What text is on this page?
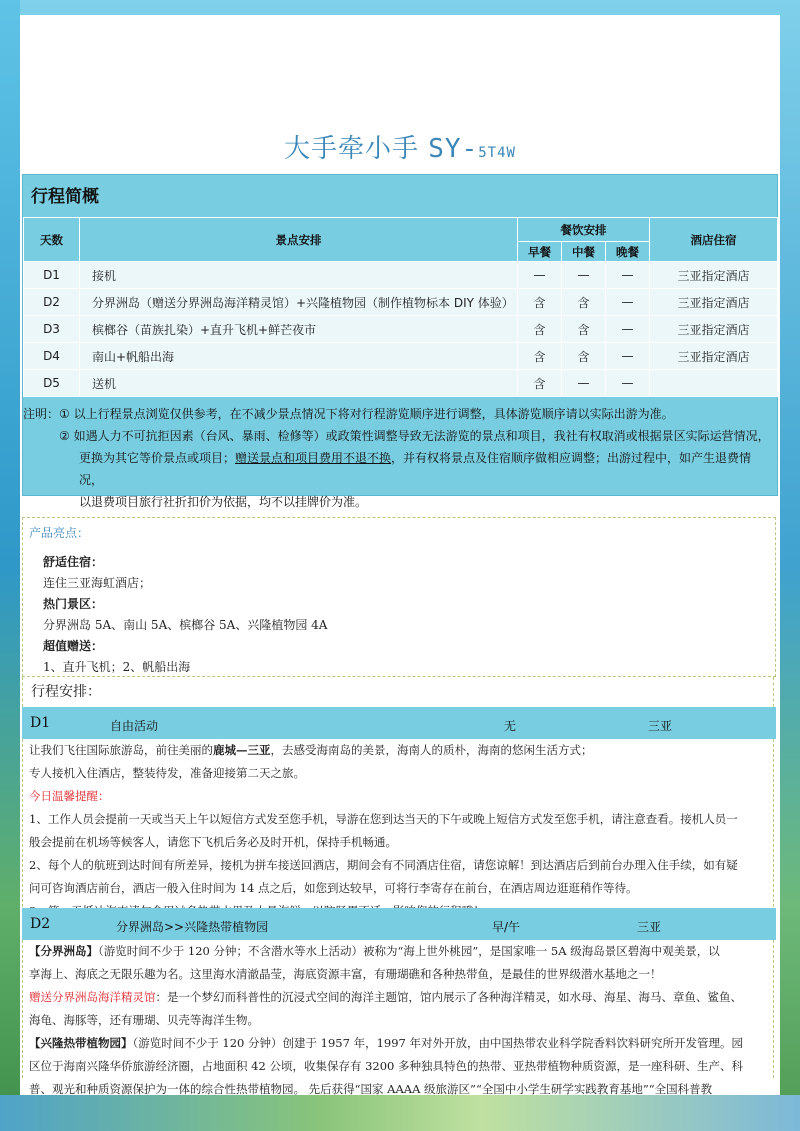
大手牵小手 SY-5T4W
行程简概
天数	景点安排	餐饮安排			酒店住宿
		早餐	中餐	晚餐	
D1	接机	—	—	—	三亚指定酒店
D2	分界洲岛（赠送分界洲岛海洋精灵馆）+兴隆植物园（制作植物标本 DIY 体验）	含	含	—	三亚指定酒店
D3	槟榔谷（苗族扎染）+直升飞机+鲜芒夜市	含	含	—	三亚指定酒店
D4	南山+帆船出海	含	含	—	三亚指定酒店
D5	送机	含	—	—	
注明：① 以上行程景点浏览仅供参考，在不减少景点情况下将对行程游览顺序进行调整，具体游览顺序请以实际出游为准。
② 如遇人力不可抗拒因素（台风、暴雨、检修等）或政策性调整导致无法游览的景点和项目，我社有权取消或根据景区实际运营情况，
更换为其它等价景点或项目；赠送景点和项目费用不退不换，并有权将景点及住宿顺序做相应调整；出游过程中，如产生退费情况，
以退费项目旅行社折扣价为依据，均不以挂牌价为准。
产品亮点：
舒适住宿：
连住三亚海虹酒店；
热门景区：
分界洲岛 5A、南山 5A、槟榔谷 5A、兴隆植物园 4A
超值赠送：
1、直升飞机；2、帆船出海
行程安排：
D1	自由活动	无	三亚
让我们飞往国际旅游岛，前往美丽的鹿城—三亚，去感受海南岛的美景，海南人的质朴，海南的悠闲生活方式；
专人接机入住酒店，整装待发，准备迎接第二天之旅。
今日温馨提醒：
1、工作人员会提前一天或当天上午以短信方式发至您手机，导游在您到达当天的下午或晚上短信方式发至您手机，请注意查看。接机人员一
般会提前在机场等候客人，请您下飞机后务必及时开机，保持手机畅通。
2、每个人的航班到达时间有所差异，接机为拼车接送回酒店，期间会有不同酒店住宿，请您谅解！到达酒店后到前台办理入住手续，如有疑
问可咨询酒店前台，酒店一般入住时间为 14 点之后，如您到达较早，可将行李寄存在前台，在酒店周边逛逛稍作等待。
D2	分界洲岛>>兴隆热带植物园	早/午	三亚
【分界洲岛】（游览时间不少于 120 分钟；不含潜水等水上活动）被称为“海上世外桃园”，是国家唯一 5A 级海岛景区碧海中观美景，以
享海上、海底之无限乐趣为名。这里海水清澈晶莹，海底资源丰富，有珊瑚礁和各种热带鱼，是最佳的世界级潜水基地之一！
赠送分界洲岛海洋精灵馆：是一个梦幻而科普性的沉浸式空间的海洋主题馆，馆内展示了各种海洋精灵，如水母、海星、海马、章鱼、鲨鱼、
海龟、海豚等，还有珊瑚、贝壳等海洋生物。
【兴隆热带植物园】（游览时间不少于 120 分钟）创建于 1957 年，1997 年对外开放，由中国热带农业科学院香料饮料研究所开发管理。园
区位于海南兴隆华侨旅游经济圈，占地面积 42 公顷，收集保存有 3200 多种独具特色的热带、亚热带植物种质资源，是一座科研、生产、科
普、观光和种质资源保护为一体的综合性热带植物园。 先后获得“国家 AAAA 级旅游区”“全国中小学生研学实践教育基地”“全国科普教
